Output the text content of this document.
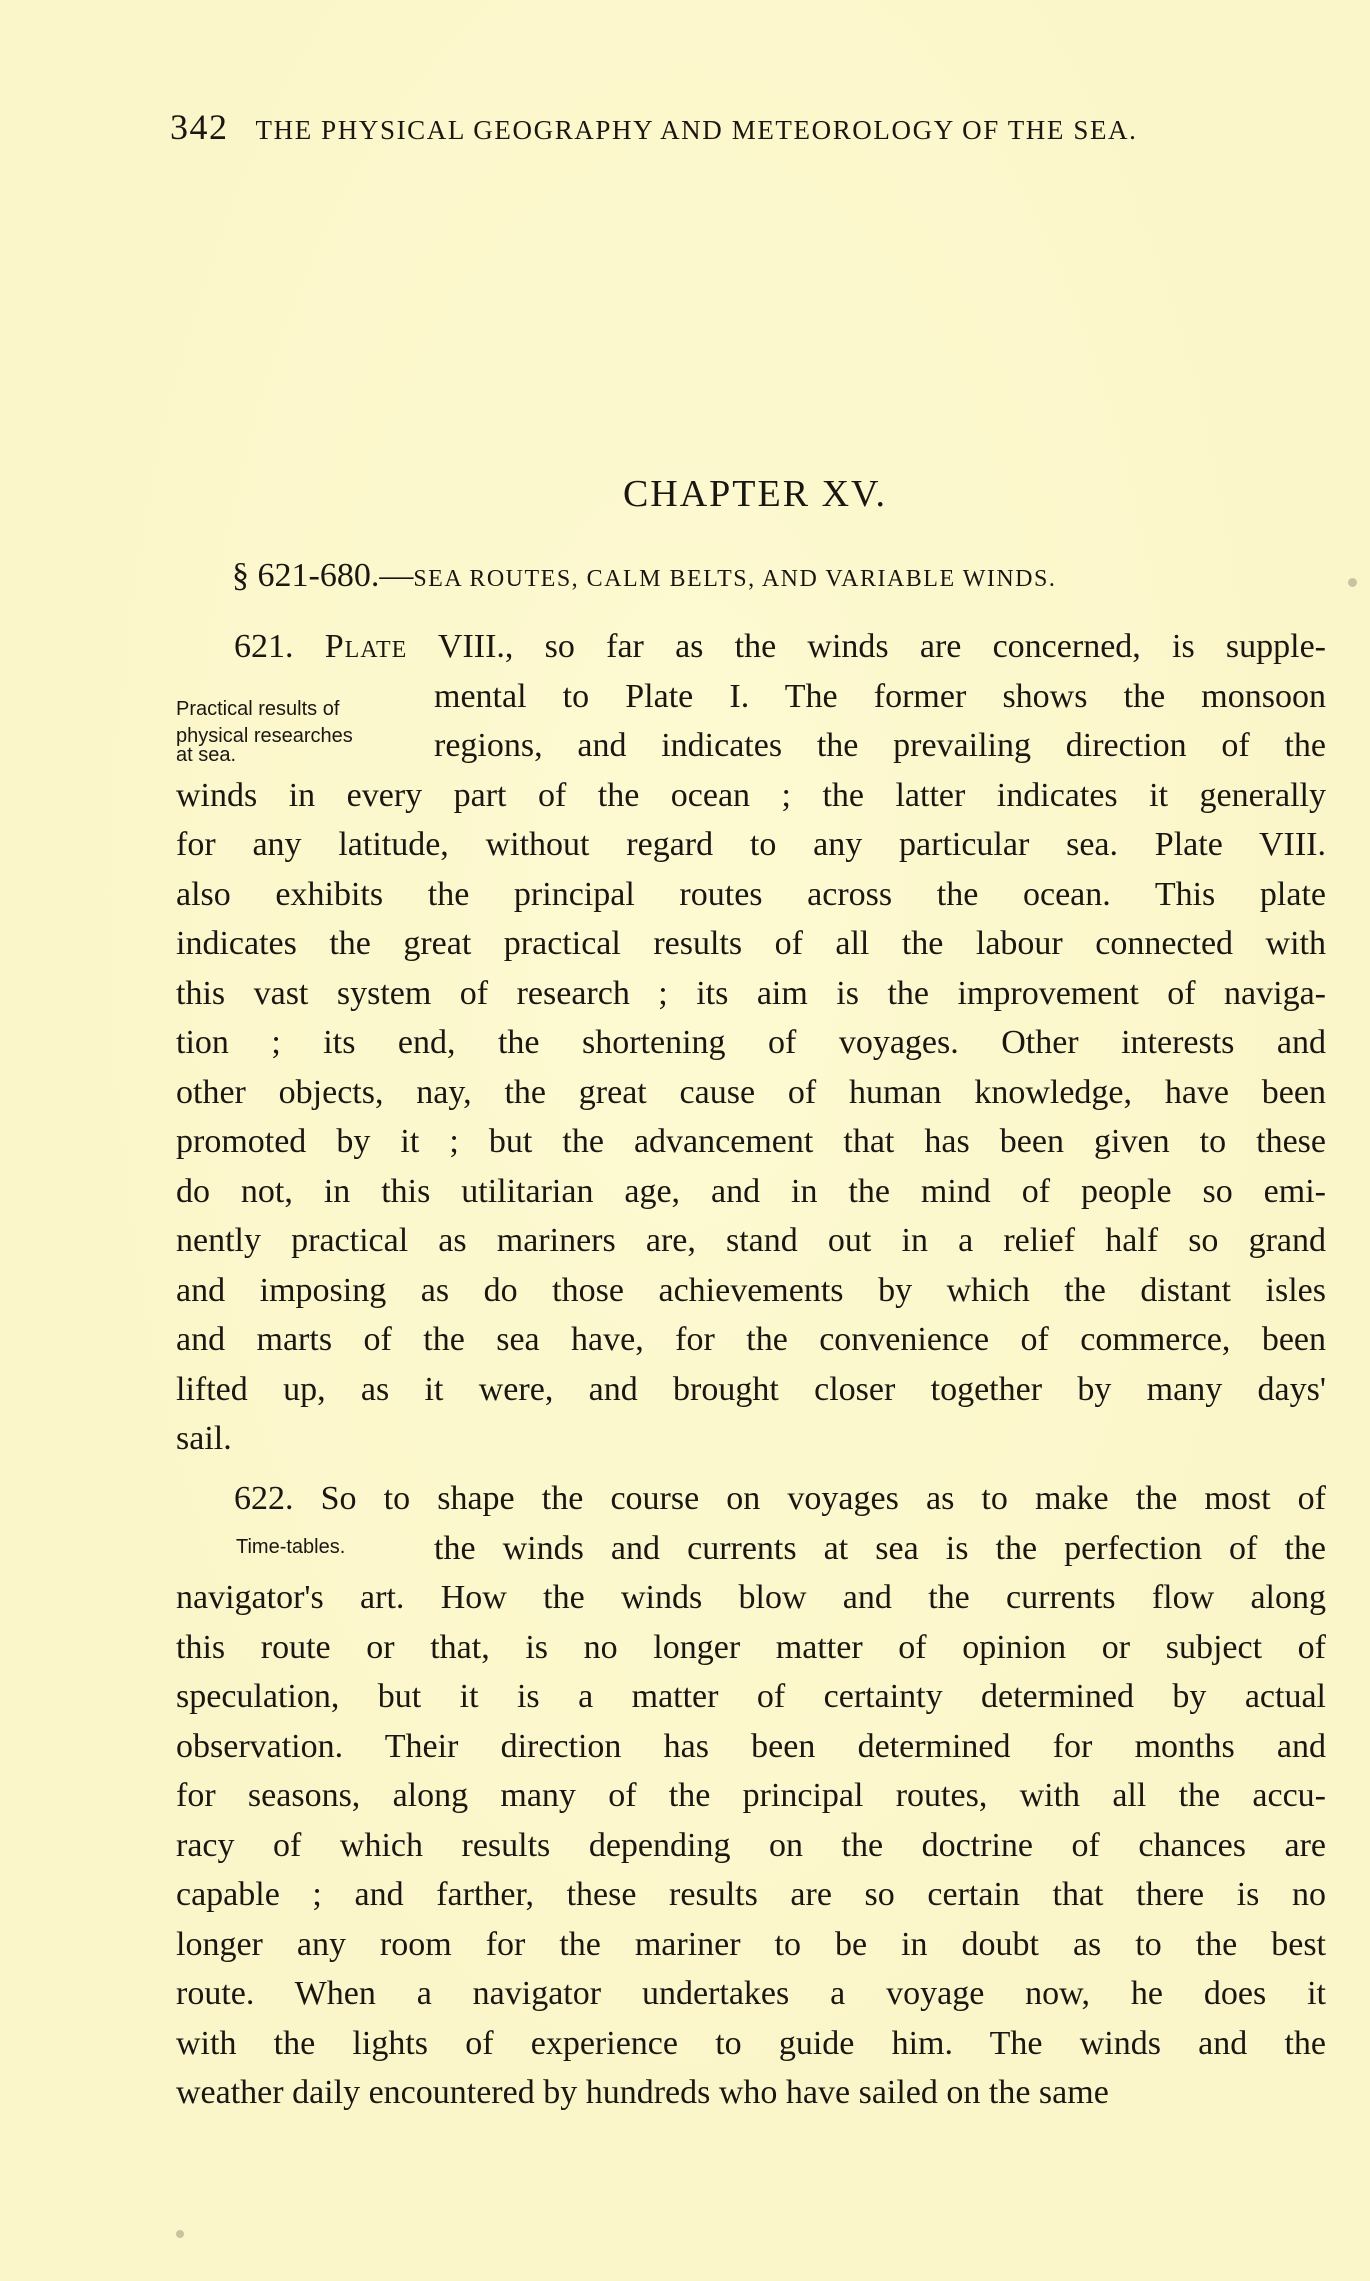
342 THE PHYSICAL GEOGRAPHY AND METEOROLOGY OF THE SEA.
CHAPTER XV.
§ 621-680.—SEA ROUTES, CALM BELTS, AND VARIABLE WINDS.
Practical results of
physical researches
at sea.
Time-tables.
621. Plate VIII., so far as the winds are concerned, is supple-
mental to Plate I. The former shows the monsoon
regions, and indicates the prevailing direction of the
winds in every part of the ocean ; the latter indicates it generally
for any latitude, without regard to any particular sea. Plate VIII.
also exhibits the principal routes across the ocean. This plate
indicates the great practical results of all the labour connected with
this vast system of research ; its aim is the improvement of naviga-
tion ; its end, the shortening of voyages. Other interests and
other objects, nay, the great cause of human knowledge, have been
promoted by it ; but the advancement that has been given to these
do not, in this utilitarian age, and in the mind of people so emi-
nently practical as mariners are, stand out in a relief half so grand
and imposing as do those achievements by which the distant isles
and marts of the sea have, for the convenience of commerce, been
lifted up, as it were, and brought closer together by many days'
sail.
622. So to shape the course on voyages as to make the most of
the winds and currents at sea is the perfection of the
navigator's art. How the winds blow and the currents flow along
this route or that, is no longer matter of opinion or subject of
speculation, but it is a matter of certainty determined by actual
observation. Their direction has been determined for months and
for seasons, along many of the principal routes, with all the accu-
racy of which results depending on the doctrine of chances are
capable ; and farther, these results are so certain that there is no
longer any room for the mariner to be in doubt as to the best
route. When a navigator undertakes a voyage now, he does it
with the lights of experience to guide him. The winds and the
weather daily encountered by hundreds who have sailed on the same
